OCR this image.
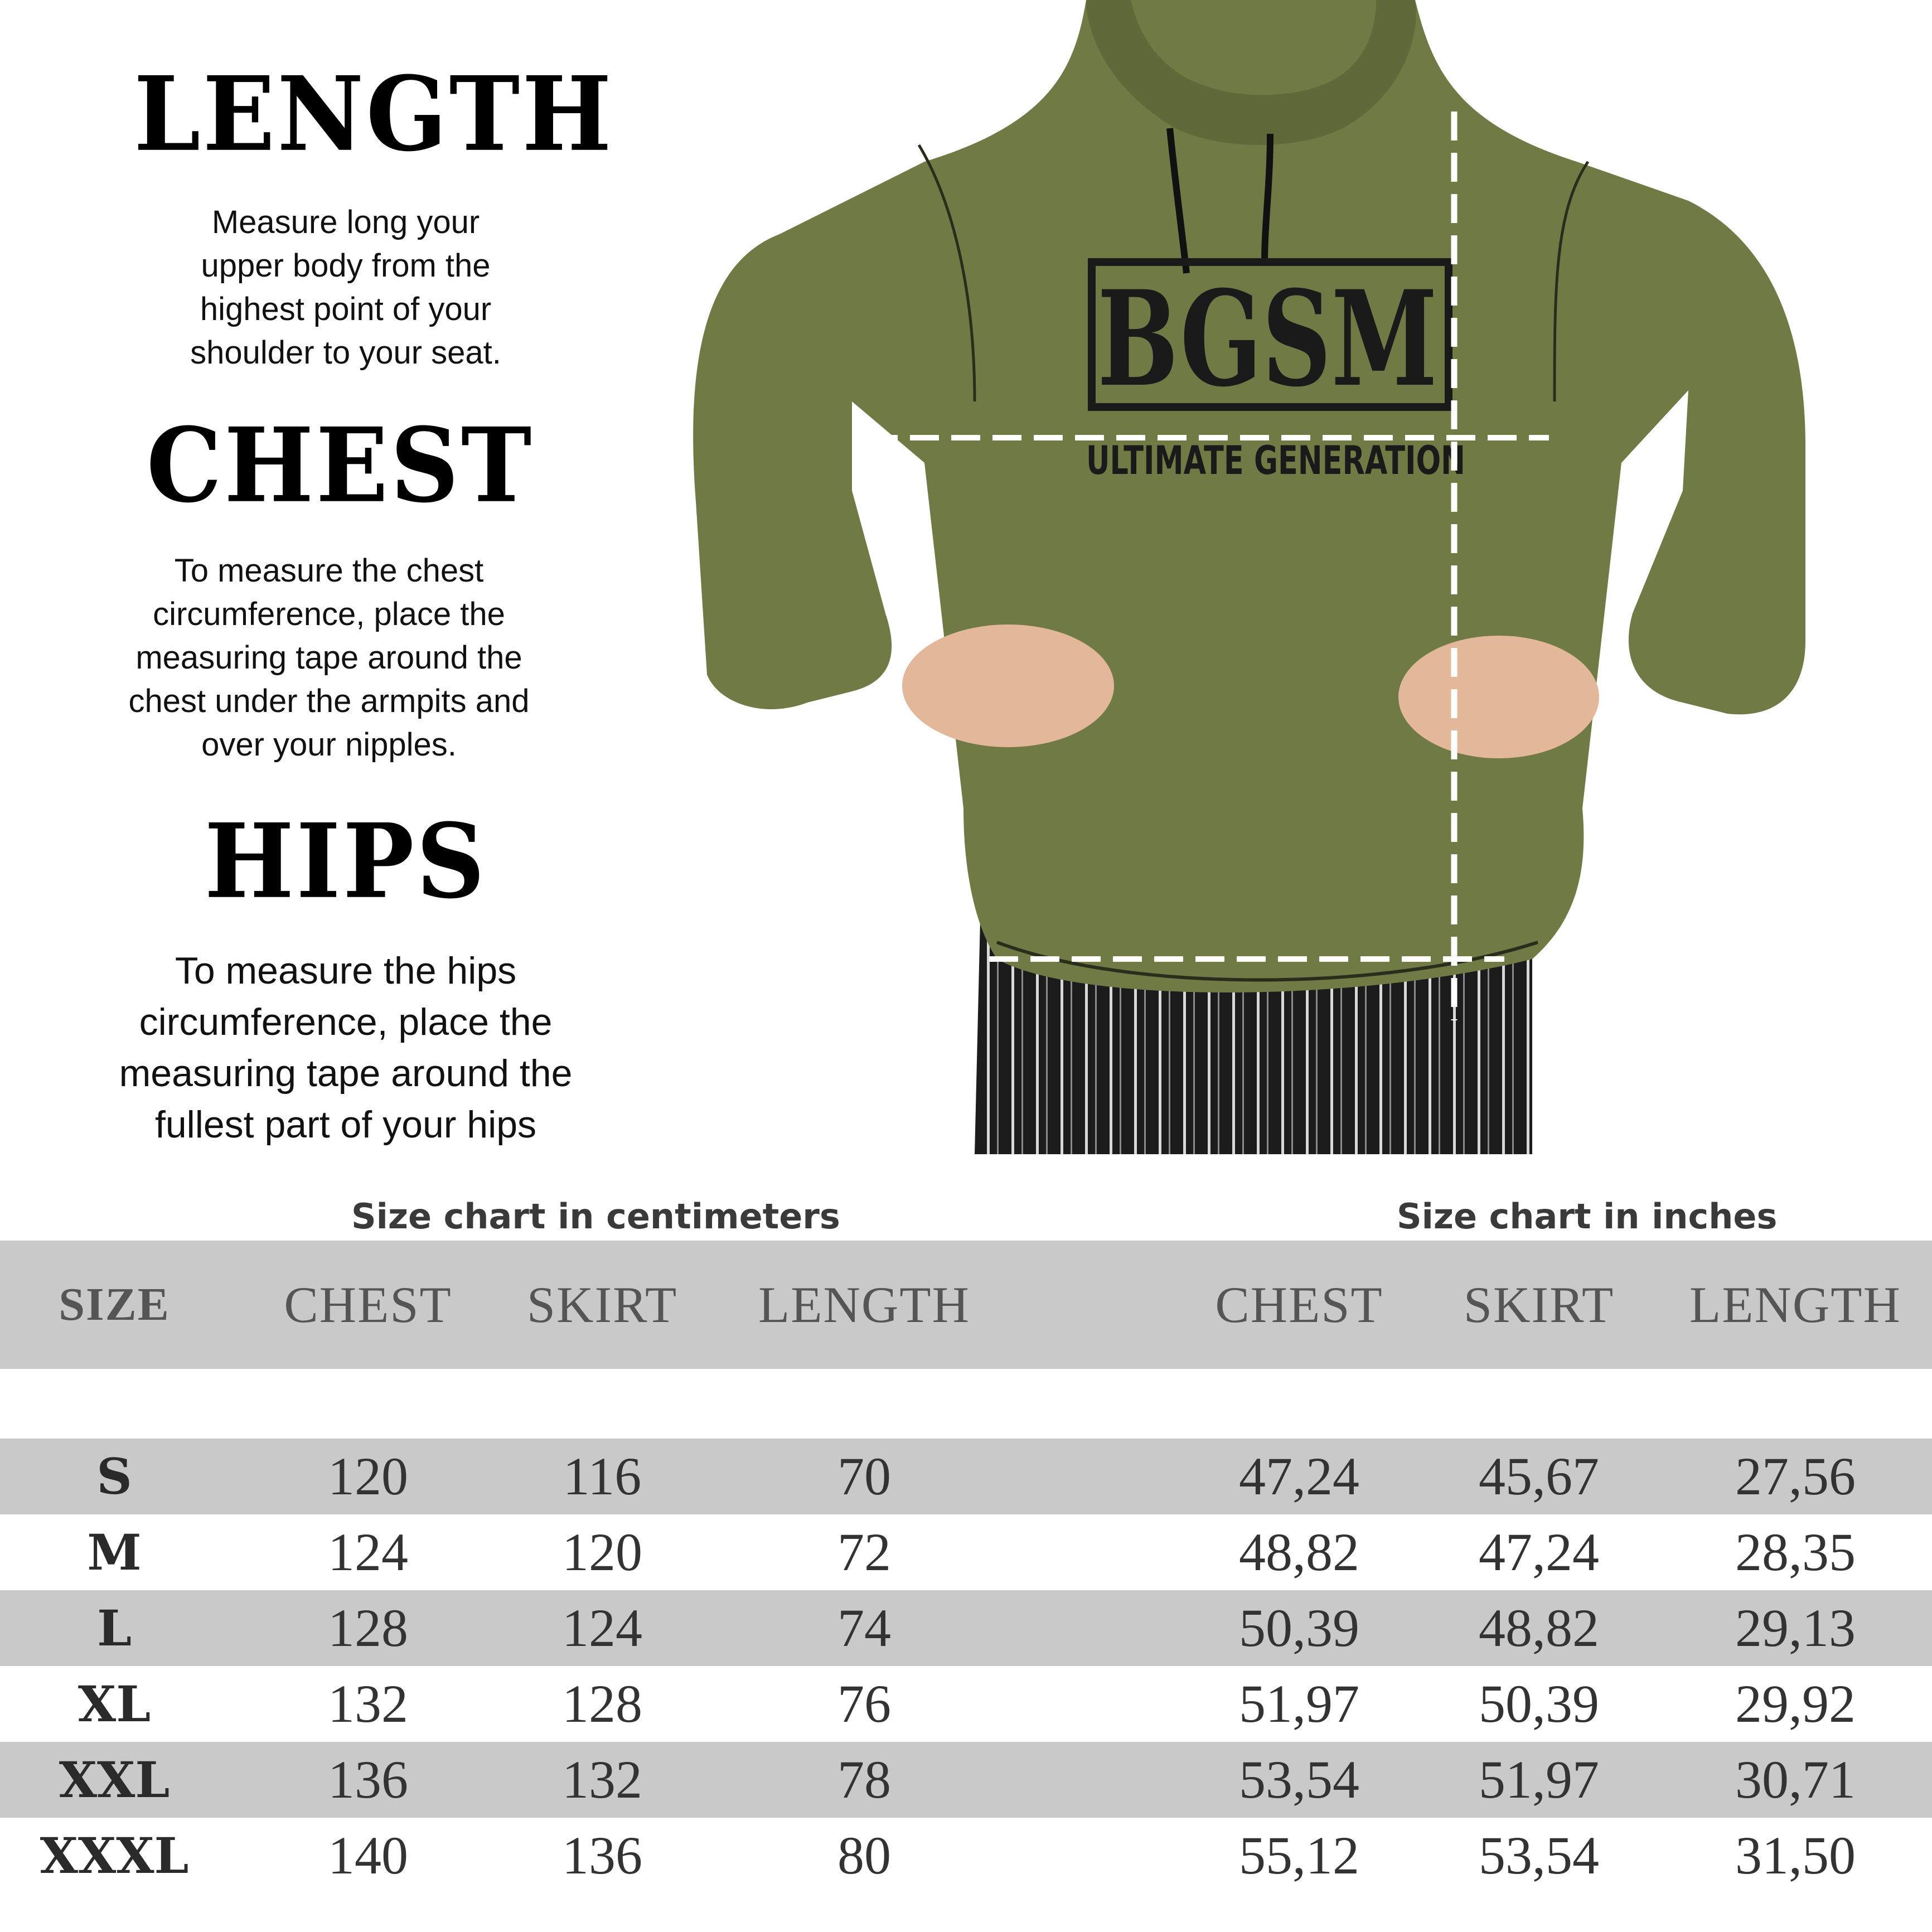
LENGTH
Measure long your
upper body from the
highest point of your
shoulder to your seat.
CHEST
To measure the chest
circumference, place the
measuring tape around the
chest under the armpits and
over your nipples.
HIPS
To measure the hips
circumference, place the
measuring tape around the
fullest part of your hips
BGSM
ULTIMATE GENERATION
Size chart in centimeters	Size chart in inches
SIZE	CHEST	SKIRT	LENGTH	CHEST	SKIRT	LENGTH
S	120	116	70	47,24	45,67	27,56
M	124	120	72	48,82	47,24	28,35
L	128	124	74	50,39	48,82	29,13
XL	132	128	76	51,97	50,39	29,92
XXL	136	132	78	53,54	51,97	30,71
XXXL	140	136	80	55,12	53,54	31,50
